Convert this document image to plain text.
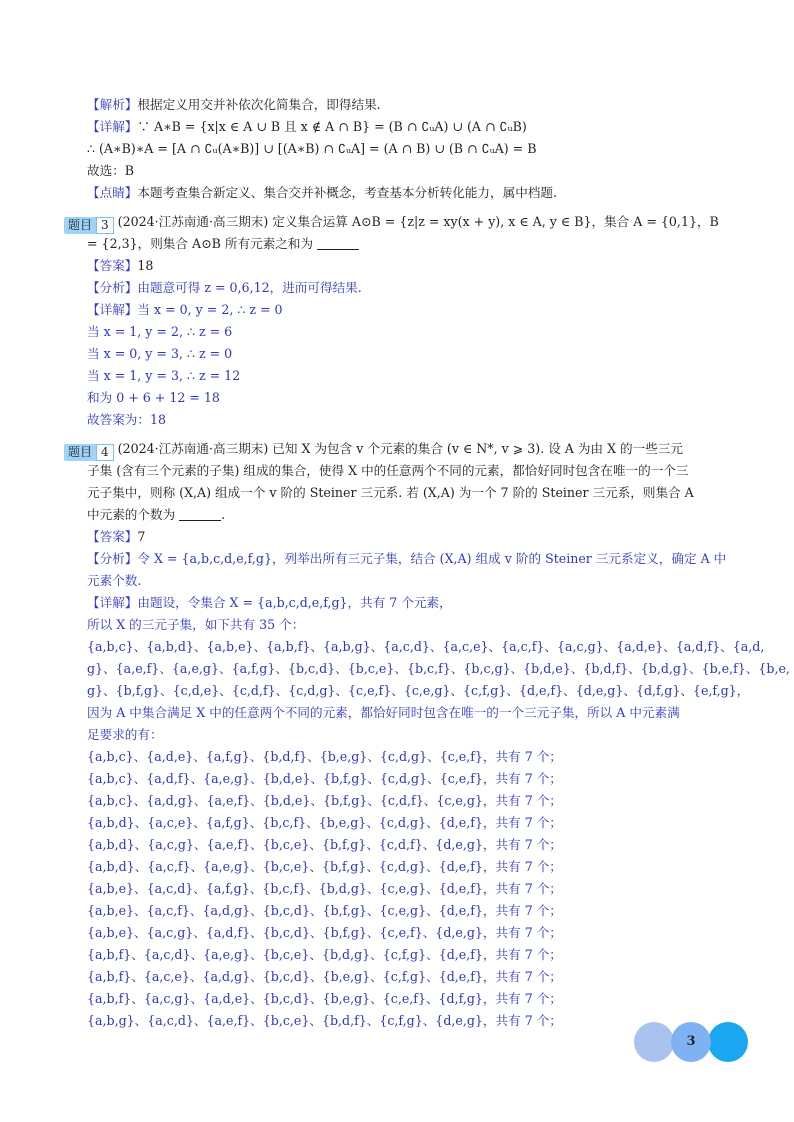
【解析】根据定义用交并补依次化简集合，即得结果.
【详解】∵ A∗B = {x|x ∈ A ∪ B 且 x ∉ A ∩ B} = (B ∩ ∁ᵤA) ∪ (A ∩ ∁ᵤB)
∴ (A∗B)∗A = [A ∩ ∁ᵤ(A∗B)] ∪ [(A∗B) ∩ ∁ᵤA] = (A ∩ B) ∪ (B ∩ ∁ᵤA) = B
故选：B
【点睛】本题考查集合新定义、集合交并补概念，考查基本分析转化能力，属中档题.
题目 3 (2024·江苏南通·高三期末) 定义集合运算 A⊙B = {z|z = xy(x + y), x ∈ A, y ∈ B}，集合 A = {0,1}，B
= {2,3}，则集合 A⊙B 所有元素之和为
【答案】18
【分析】由题意可得 z = 0,6,12，进而可得结果.
【详解】当 x = 0, y = 2, ∴ z = 0
当 x = 1, y = 2, ∴ z = 6
当 x = 0, y = 3, ∴ z = 0
当 x = 1, y = 3, ∴ z = 12
和为 0 + 6 + 12 = 18
故答案为：18
题目 4 (2024·江苏南通·高三期末) 已知 X 为包含 v 个元素的集合 (v ∈ N*, v ⩾ 3). 设 A 为由 X 的一些三元
子集 (含有三个元素的子集) 组成的集合，使得 X 中的任意两个不同的元素，都恰好同时包含在唯一的一个三
元子集中，则称 (X,A) 组成一个 v 阶的 Steiner 三元系. 若 (X,A) 为一个 7 阶的 Steiner 三元系，则集合 A
中元素的个数为	.
【答案】7
【分析】令 X = {a,b,c,d,e,f,g}，列举出所有三元子集，结合 (X,A) 组成 v 阶的 Steiner 三元系定义，确定 A 中
元素个数.
【详解】由题设，令集合 X = {a,b,c,d,e,f,g}，共有 7 个元素，
所以 X 的三元子集，如下共有 35 个：
{a,b,c}、{a,b,d}、{a,b,e}、{a,b,f}、{a,b,g}、{a,c,d}、{a,c,e}、{a,c,f}、{a,c,g}、{a,d,e}、{a,d,f}、{a,d,
g}、{a,e,f}、{a,e,g}、{a,f,g}、{b,c,d}、{b,c,e}、{b,c,f}、{b,c,g}、{b,d,e}、{b,d,f}、{b,d,g}、{b,e,f}、{b,e,
g}、{b,f,g}、{c,d,e}、{c,d,f}、{c,d,g}、{c,e,f}、{c,e,g}、{c,f,g}、{d,e,f}、{d,e,g}、{d,f,g}、{e,f,g}，
因为 A 中集合满足 X 中的任意两个不同的元素，都恰好同时包含在唯一的一个三元子集，所以 A 中元素满
足要求的有：
{a,b,c}、{a,d,e}、{a,f,g}、{b,d,f}、{b,e,g}、{c,d,g}、{c,e,f}，共有 7 个；
{a,b,c}、{a,d,f}、{a,e,g}、{b,d,e}、{b,f,g}、{c,d,g}、{c,e,f}，共有 7 个；
{a,b,c}、{a,d,g}、{a,e,f}、{b,d,e}、{b,f,g}、{c,d,f}、{c,e,g}，共有 7 个；
{a,b,d}、{a,c,e}、{a,f,g}、{b,c,f}、{b,e,g}、{c,d,g}、{d,e,f}，共有 7 个；
{a,b,d}、{a,c,g}、{a,e,f}、{b,c,e}、{b,f,g}、{c,d,f}、{d,e,g}，共有 7 个；
{a,b,d}、{a,c,f}、{a,e,g}、{b,c,e}、{b,f,g}、{c,d,g}、{d,e,f}，共有 7 个；
{a,b,e}、{a,c,d}、{a,f,g}、{b,c,f}、{b,d,g}、{c,e,g}、{d,e,f}，共有 7 个；
{a,b,e}、{a,c,f}、{a,d,g}、{b,c,d}、{b,f,g}、{c,e,g}、{d,e,f}，共有 7 个；
{a,b,e}、{a,c,g}、{a,d,f}、{b,c,d}、{b,f,g}、{c,e,f}、{d,e,g}，共有 7 个；
{a,b,f}、{a,c,d}、{a,e,g}、{b,c,e}、{b,d,g}、{c,f,g}、{d,e,f}，共有 7 个；
{a,b,f}、{a,c,e}、{a,d,g}、{b,c,d}、{b,e,g}、{c,f,g}、{d,e,f}，共有 7 个；
{a,b,f}、{a,c,g}、{a,d,e}、{b,c,d}、{b,e,g}、{c,e,f}、{d,f,g}，共有 7 个；
{a,b,g}、{a,c,d}、{a,e,f}、{b,c,e}、{b,d,f}、{c,f,g}、{d,e,g}，共有 7 个；
3
